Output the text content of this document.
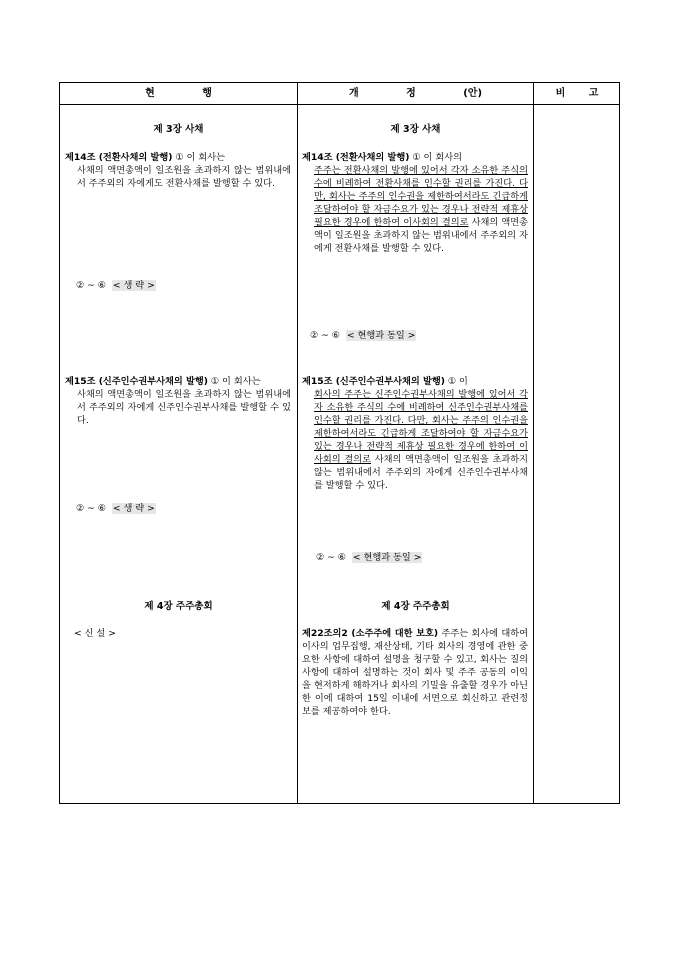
현 행	개 정 (안)	비 고
제 3장 사채
제14조 (전환사채의 발행) ① 이 회사는
사채의 액면총액이 일조원을 초과하지 않는 범위내에서 주주외의 자에게도 전환사채를 발행할 수 있다.
② ~ ⑥ < 생 략 >
제15조 (신주인수권부사채의 발행) ① 이 회사는
사채의 액면총액이 일조원을 초과하지 않는 범위내에서 주주외의 자에게 신주인수권부사채를 발행할 수 있다.
② ~ ⑥ < 생 략 >
제 4장 주주총회
< 신 설 >
제 3장 사채
제14조 (전환사채의 발행) ① 이 회사의
주주는 전환사채의 발행에 있어서 각자 소유한 주식의 수에 비례하여 전환사채를 인수할 권리를 가진다. 다만, 회사는 주주의 인수권을 제한하여서라도 긴급하게 조달하여야 할 자금수요가 있는 경우나 전략적 제휴상 필요한 경우에 한하여 이사회의 결의로 사채의 액면총액이 일조원을 초과하지 않는 범위내에서 주주외의 자에게 전환사채를 발행할 수 있다.
② ~ ⑥ < 현행과 동일 >
제15조 (신주인수권부사채의 발행) ① 이
회사의 주주는 신주인수권부사채의 발행에 있어서 각자 소유한 주식의 수에 비례하여 신주인수권부사채를 인수할 권리를 가진다. 다만, 회사는 주주의 인수권을 제한하여서라도 긴급하게 조달하여야 할 자금수요가 있는 경우나 전략적 제휴상 필요한 경우에 한하여 이사회의 결의로 사채의 액면총액이 일조원을 초과하지 않는 범위내에서 주주외의 자에게 신주인수권부사채를 발행할 수 있다.
② ~ ⑥ < 현행과 동일 >
제 4장 주주총회
제22조의2 (소주주에 대한 보호) 주주는 회사에 대하여 이사의 업무집행, 재산상태, 기타 회사의 경영에 관한 중요한 사항에 대하여 설명을 청구할 수 있고, 회사는 질의사항에 대하여 설명하는 것이 회사 및 주주 공동의 이익을 현저하게 해하거나 회사의 기밀을 유출할 경우가 아닌 한 이에 대하여 15일 이내에 서면으로 회신하고 관련정보를 제공하여야 한다.
